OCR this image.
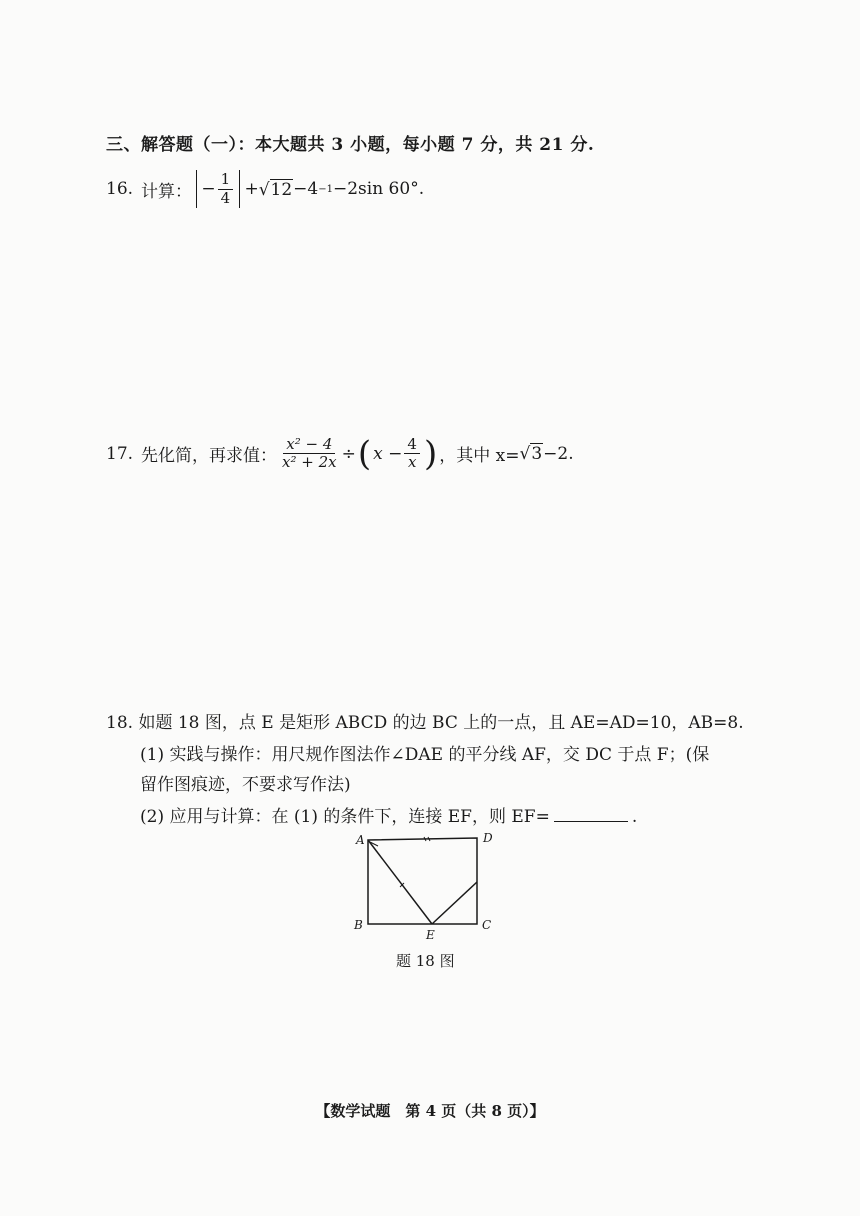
三、解答题（一）：本大题共 3 小题，每小题 7 分，共 21 分.
16. 计算： − $\frac{1}{4}$ + √ 12 −4 −1 −2sin 60°.
17. 先化简，再求值： $\frac{\text{x² − 4}}{\text{x² + 2x}}$ ÷ ( $x - \frac{4}{x}$ ) ，其中 x= √ 3 −2.
18. 如题 18 图，点 E 是矩形 ABCD 的边 BC 上的一点，且 AE=AD=10，AB=8.
(1) 实践与操作：用尺规作图法作∠DAE 的平分线 AF，交 DC 于点 F；(保
留作图痕迹，不要求写作法)
(2) 应用与计算：在 (1) 的条件下，连接 EF，则 EF=	.
A	D
B	C
E
题 18 图
【数学试题　第 4 页（共 8 页）】
